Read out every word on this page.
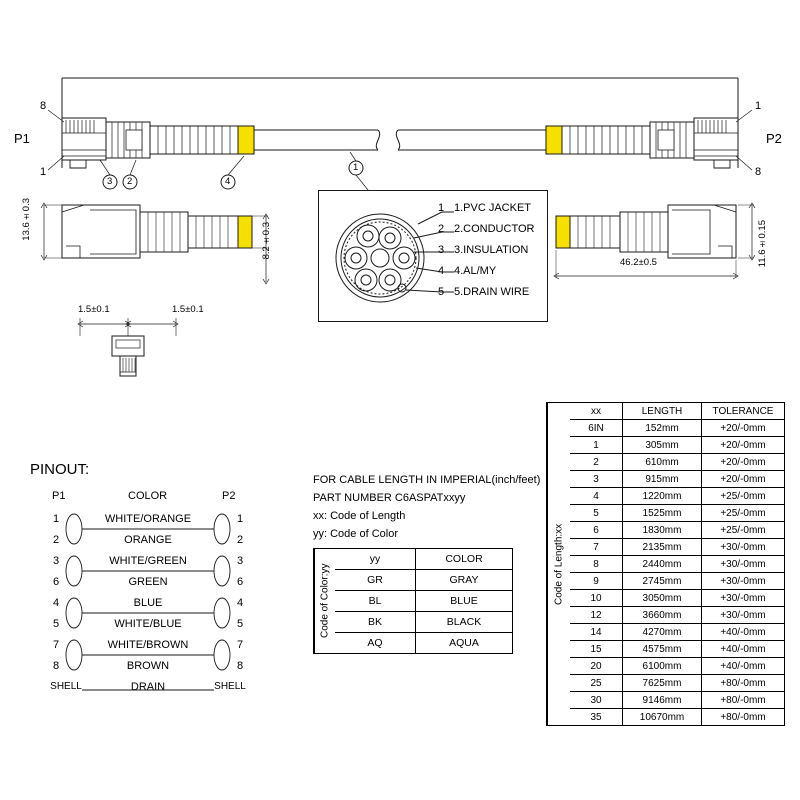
P1	P2
8
1
1
8
3 2	4
1
13.6±0.3
8.2±0.3
1.5±0.1	1.5±0.1
46.2±0.5	11.6±0.15
1 1.PVC JACKET
2 2.CONDUCTOR
3 3.INSULATION
4 4.AL/MY
5 5.DRAIN WIRE
PINOUT:
P1	COLOR	P2
1	WHITE/ORANGE	1
2	ORANGE	2
3	WHITE/GREEN	3
6	GREEN	6
4	BLUE	4
5	WHITE/BLUE	5
7	WHITE/BROWN	7
8	BROWN	8
SHELL	DRAIN	SHELL
FOR CABLE LENGTH IN IMPERIAL(inch/feet)
PART NUMBER C6ASPATxxyy
xx: Code of Length
yy: Code of Color
Code of Color:yy
yy	COLOR
GR	GRAY
BL	BLUE
BK	BLACK
AQ	AQUA
Code of Length:xx
xx	LENGTH	TOLERANCE
6IN	152mm	+20/-0mm
1	305mm	+20/-0mm
2	610mm	+20/-0mm
3	915mm	+20/-0mm
4	1220mm	+25/-0mm
5	1525mm	+25/-0mm
6	1830mm	+25/-0mm
7	2135mm	+30/-0mm
8	2440mm	+30/-0mm
9	2745mm	+30/-0mm
10	3050mm	+30/-0mm
12	3660mm	+30/-0mm
14	4270mm	+40/-0mm
15	4575mm	+40/-0mm
20	6100mm	+40/-0mm
25	7625mm	+80/-0mm
30	9146mm	+80/-0mm
35	10670mm	+80/-0mm
